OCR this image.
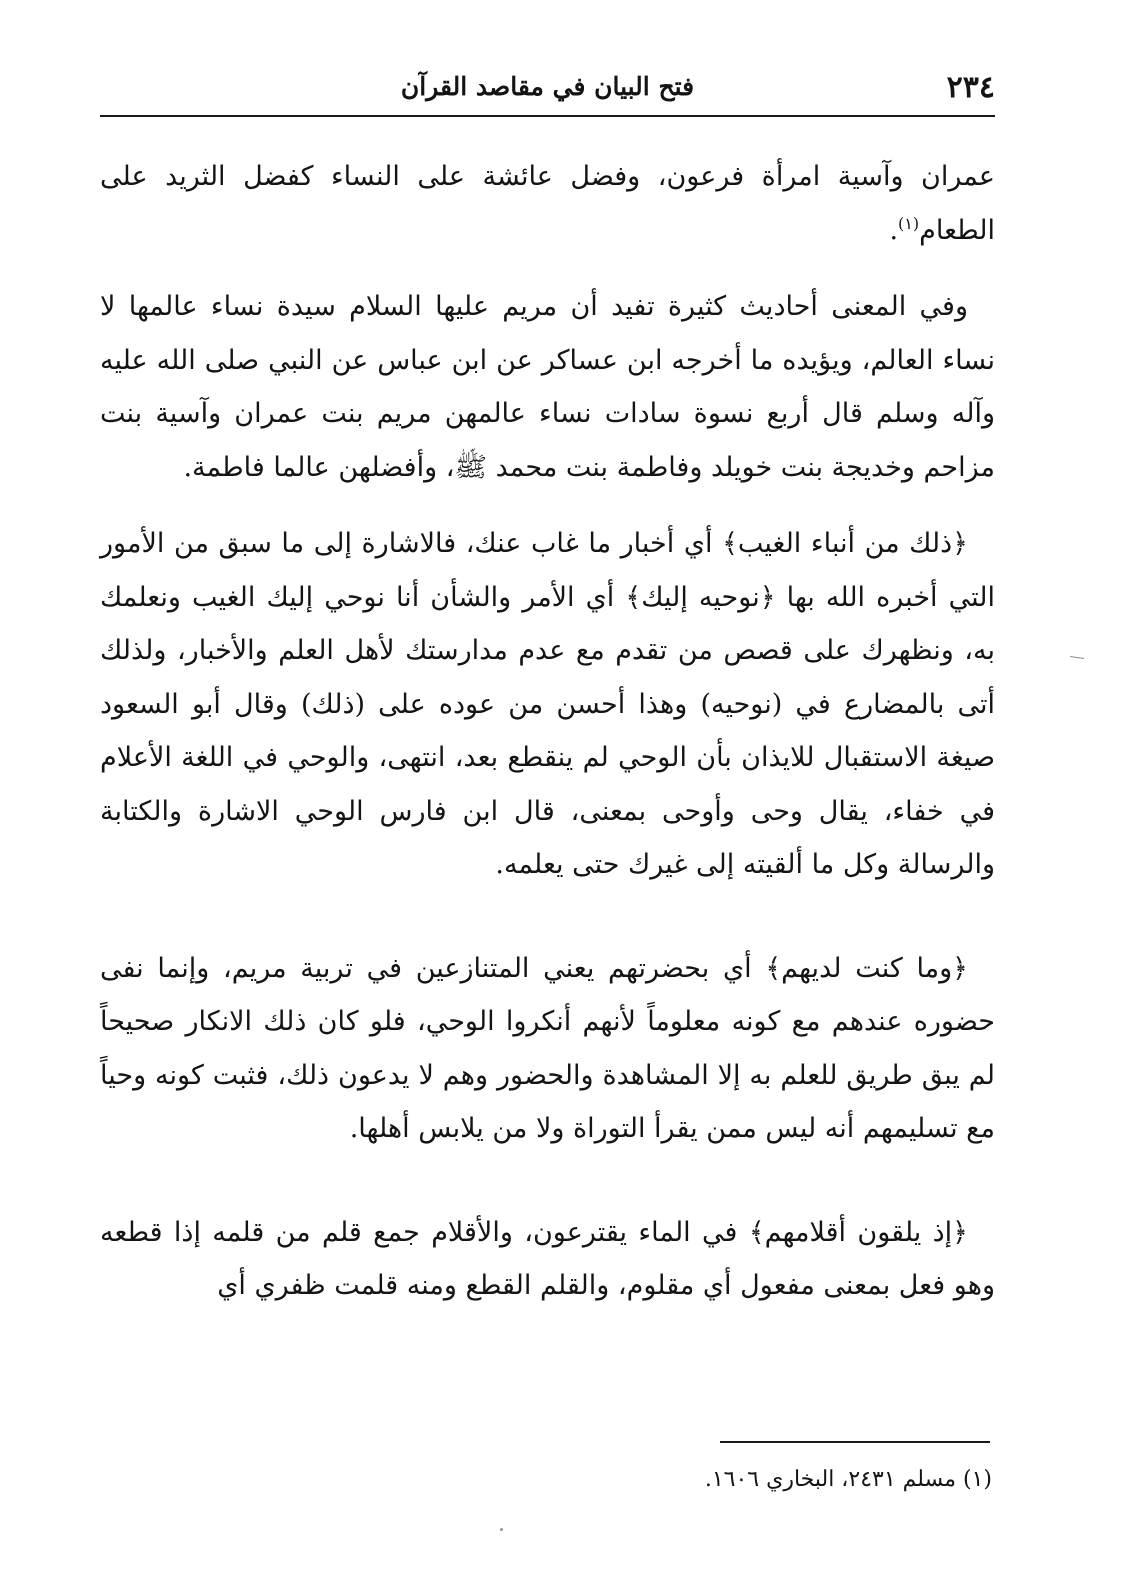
٢٣٤
فتح البيان في مقاصد القرآن

عمران وآسية امرأة فرعون، وفضل عائشة على النساء كفضل الثريد على الطعام$^{(١)}$.

وفي المعنى أحاديث كثيرة تفيد أن مريم عليها السلام سيدة نساء عالمها لا نساء العالم، ويؤيده ما أخرجه ابن عساكر عن ابن عباس عن النبي صلى الله عليه وآله وسلم قال أربع نسوة سادات نساء عالمهن مريم بنت عمران وآسية بنت مزاحم وخديجة بنت خويلد وفاطمة بنت محمد ﷺ، وأفضلهن عالما فاطمة.

﴿ذلك من أنباء الغيب﴾ أي أخبار ما غاب عنك، فالاشارة إلى ما سبق من الأمور التي أخبره الله بها ﴿نوحيه إليك﴾ أي الأمر والشأن أنا نوحي إليك الغيب ونعلمك به، ونظهرك على قصص من تقدم مع عدم مدارستك لأهل العلم والأخبار، ولذلك أتى بالمضارع في (نوحيه) وهذا أحسن من عوده على (ذلك) وقال أبو السعود صيغة الاستقبال للايذان بأن الوحي لم ينقطع بعد، انتهى، والوحي في اللغة الأعلام في خفاء، يقال وحى وأوحى بمعنى، قال ابن فارس الوحي الاشارة والكتابة والرسالة وكل ما ألقيته إلى غيرك حتى يعلمه.

﴿وما كنت لديهم﴾ أي بحضرتهم يعني المتنازعين في تربية مريم، وإنما نفى حضوره عندهم مع كونه معلوماً لأنهم أنكروا الوحي، فلو كان ذلك الانكار صحيحاً لم يبق طريق للعلم به إلا المشاهدة والحضور وهم لا يدعون ذلك، فثبت كونه وحياً مع تسليمهم أنه ليس ممن يقرأ التوراة ولا من يلابس أهلها.

﴿إذ يلقون أقلامهم﴾ في الماء يقترعون، والأقلام جمع قلم من قلمه إذا قطعه وهو فعل بمعنى مفعول أي مقلوم، والقلم القطع ومنه قلمت ظفري أي

(١) مسلم ٢٤٣١، البخاري ١٦٠٦.
